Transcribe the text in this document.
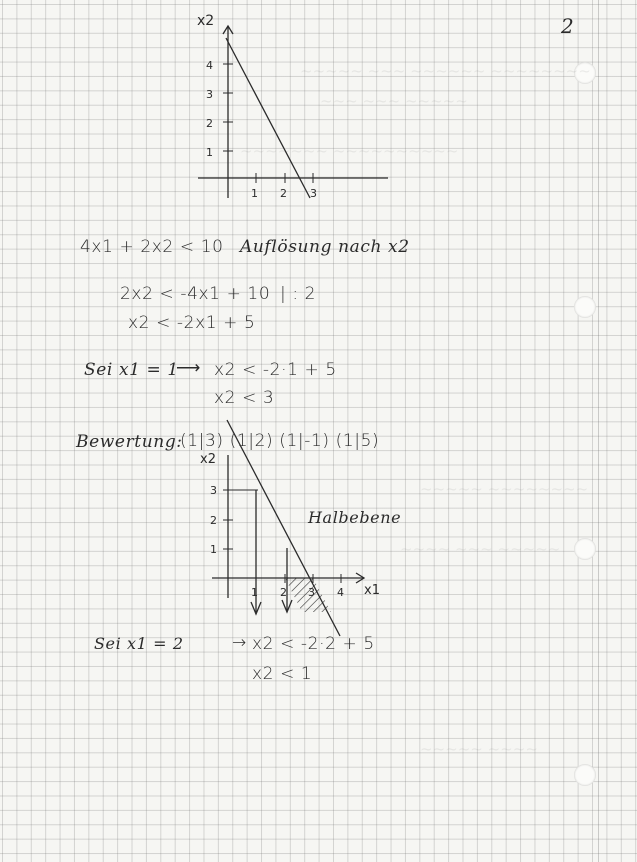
~~~~~ ~~~ ~~~~~~ ~~~~~~~~
~~~ ~~~ ~~~~~
~~~~~~~ ~~~~~~~~~~
~~~~~ ~~~~~~~~
~~~~ ~~~ ~~~~~
~~~~~ ~~~~
2
x2
1
2
3
4
1 2 3
4x1 + 2x2 < 10 Auflösung nach x2
2x2 < -4x1 + 10 | : 2
x2 < -2x1 + 5
Sei x1 = 1
⟶ x2 < -2·1 + 5
x2 < 3
Bewertung:
(1|3) (1|2) (1|-1) (1|5)
x2
x1
1
2
3
1 2 3 4
Halbebene
Sei x1 = 2	→ x2 < -2·2 + 5
x2 < 1
